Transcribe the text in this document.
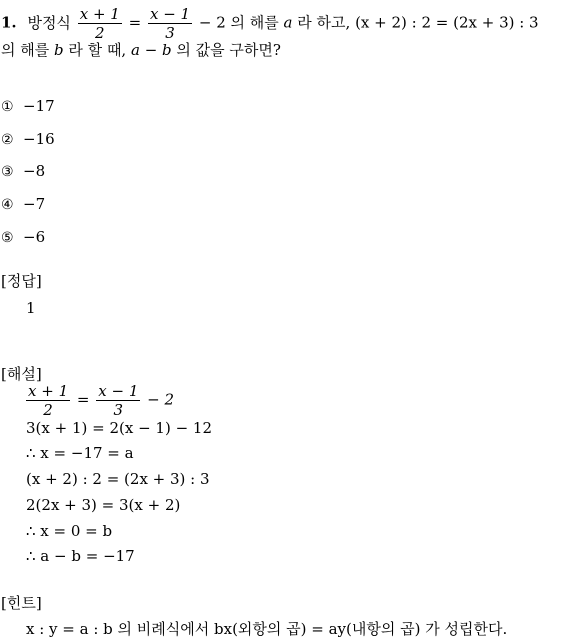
1. 방정식 $\frac{x + 1}{2} = \frac{x - 1}{3} - 2$ 의 해를 a 라 하고, (x + 2) : 2 = (2x + 3) : 3
의 해를 b 라 할 때, a − b 의 값을 구하면?
① −17
② −16
③ −8
④ −7
⑤ −6
[정답]
1
[해설]
$\frac{x + 1}{2} = \frac{x - 1}{3} - 2$
3(x + 1) = 2(x − 1) − 12
∴ x = −17 = a
(x + 2) : 2 = (2x + 3) : 3
2(2x + 3) = 3(x + 2)
∴ x = 0 = b
∴ a − b = −17
[힌트]
x : y = a : b 의 비례식에서 bx(외항의 곱) = ay(내항의 곱) 가 성립한다.
